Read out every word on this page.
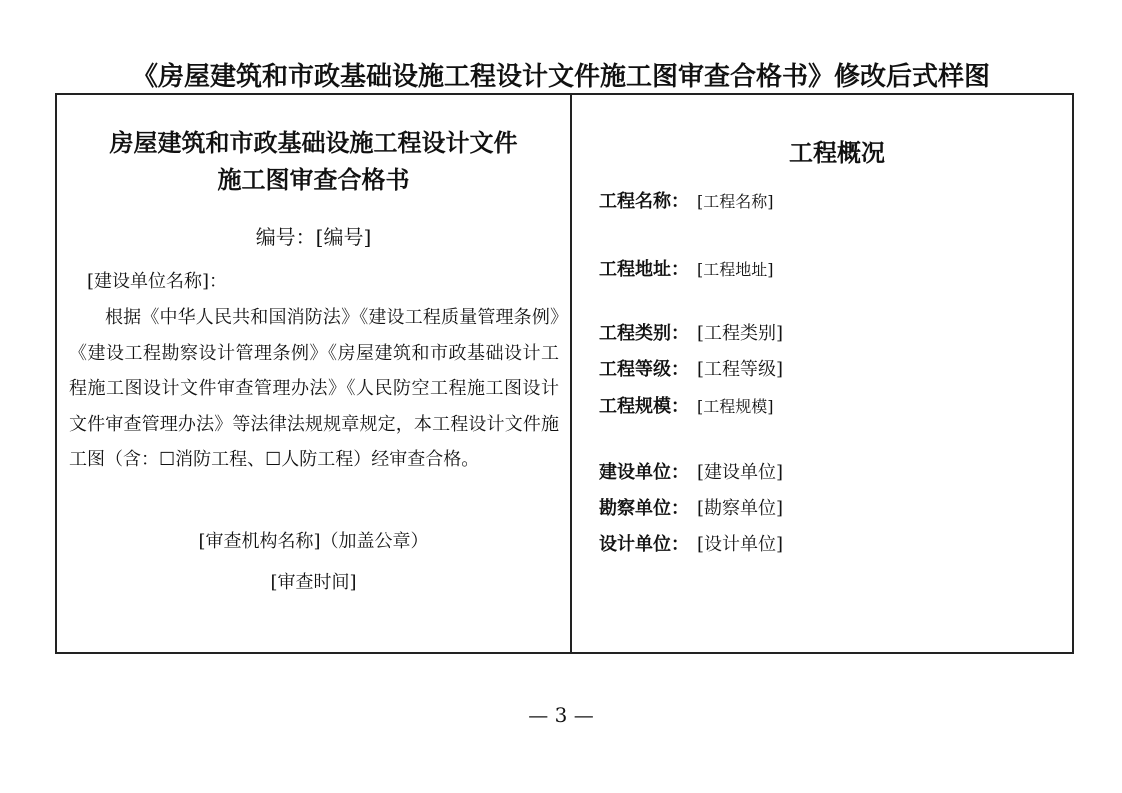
《房屋建筑和市政基础设施工程设计文件施工图审查合格书》修改后式样图
房屋建筑和市政基础设施工程设计文件
施工图审查合格书
编号：[编号]
[建设单位名称]：
根据《中华人民共和国消防法》《建设工程质量管理条例》《建设工程勘察设计管理条例》《房屋建筑和市政基础设计工程施工图设计文件审查管理办法》《人民防空工程施工图设计文件审查管理办法》等法律法规规章规定，本工程设计文件施工图（含：☐消防工程、☐人防工程）经审查合格。
[审查机构名称]（加盖公章）
[审查时间]
工程概况
工程名称： [工程名称]
工程地址： [工程地址]
工程类别： [工程类别]
工程等级： [工程等级]
工程规模： [工程规模]
建设单位： [建设单位]
勘察单位： [勘察单位]
设计单位： [设计单位]
— 3 —
